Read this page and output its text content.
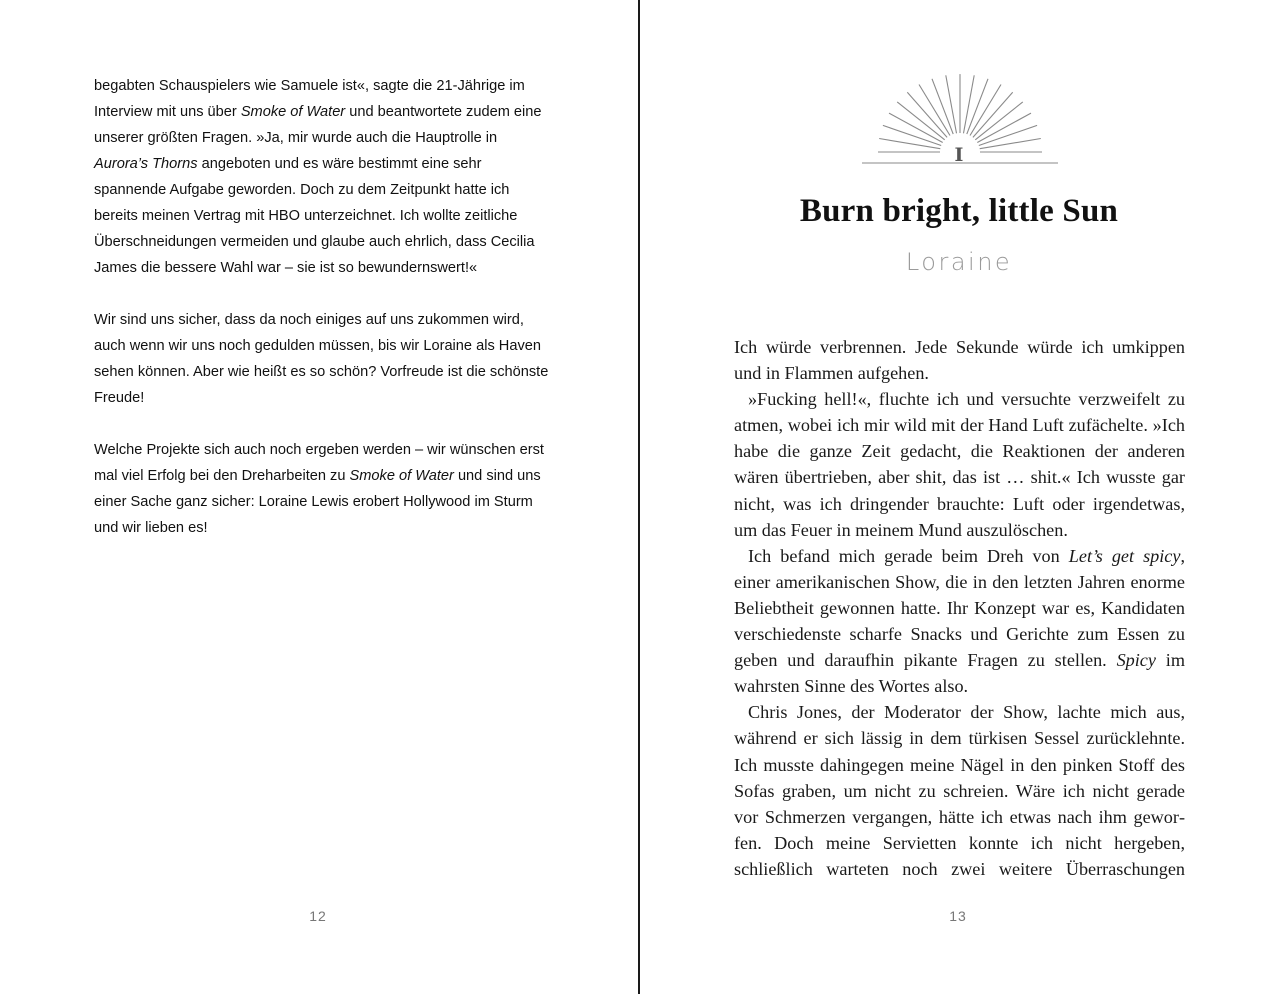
begabten Schauspielers wie Samuele ist«, sagte die 21-Jährige im Interview mit uns über Smoke of Water und beantwortete zudem eine unserer größten Fragen. »Ja, mir wurde auch die Hauptrolle in Aurora’s Thorns angeboten und es wäre bestimmt eine sehr spannende Aufgabe geworden. Doch zu dem Zeitpunkt hatte ich bereits meinen Vertrag mit HBO unterzeichnet. Ich wollte zeitliche Überschneidungen vermeiden und glaube auch ehrlich, dass Cecilia James die bessere Wahl war – sie ist so bewundernswert!«

Wir sind uns sicher, dass da noch einiges auf uns zukommen wird, auch wenn wir uns noch gedulden müssen, bis wir Loraine als Haven sehen können. Aber wie heißt es so schön? Vorfreude ist die schönste Freude!

Welche Projekte sich auch noch ergeben werden – wir wünschen erst mal viel Erfolg bei den Dreharbeiten zu Smoke of Water und sind uns einer Sache ganz sicher: Loraine Lewis erobert Hollywood im Sturm und wir lieben es!

12
I
Burn bright, little Sun
Loraine

Ich würde verbrennen. Jede Sekunde würde ich umkippen und in Flammen aufgehen.

»Fucking hell!«, fluchte ich und versuchte verzweifelt zu atmen, wobei ich mir wild mit der Hand Luft zufächelte. »Ich habe die ganze Zeit gedacht, die Reaktionen der anderen wären übertrieben, aber shit, das ist … shit.« Ich wusste gar nicht, was ich dringender brauchte: Luft oder irgendetwas, um das Feuer in meinem Mund auszulöschen.

Ich befand mich gerade beim Dreh von Let’s get spicy, einer amerikanischen Show, die in den letzten Jahren enorme Beliebtheit gewonnen hatte. Ihr Konzept war es, Kandidaten verschiedenste scharfe Snacks und Gerichte zum Essen zu geben und daraufhin pikante Fragen zu stellen. Spicy im wahrsten Sinne des Wortes also.

Chris Jones, der Moderator der Show, lachte mich aus, während er sich lässig in dem türkisen Sessel zurücklehnte. Ich musste dahingegen meine Nägel in den pinken Stoff des Sofas graben, um nicht zu schreien. Wäre ich nicht gerade vor Schmerzen vergangen, hätte ich etwas nach ihm geworfen. Doch meine Servietten konnte ich nicht hergeben, schließlich warteten noch zwei weitere Überraschungen

13
